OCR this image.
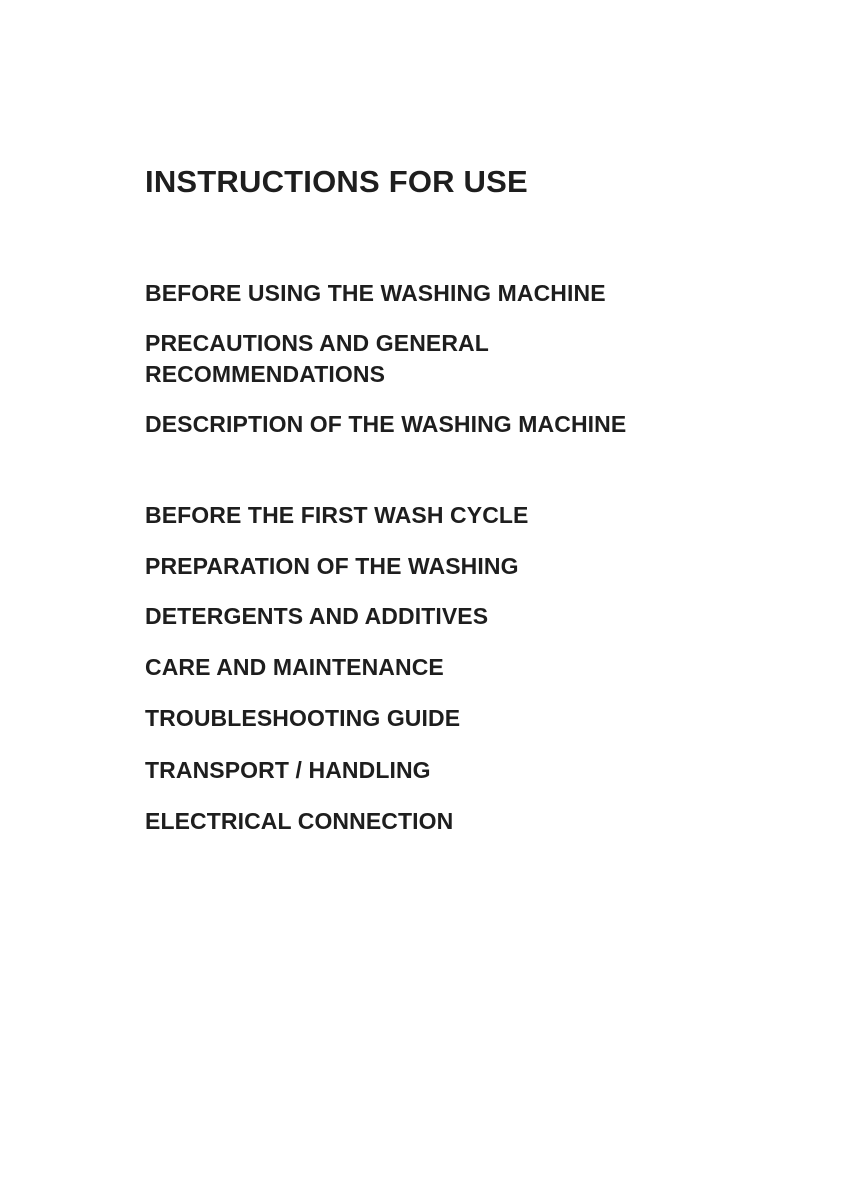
INSTRUCTIONS FOR USE
BEFORE USING THE WASHING MACHINE
PRECAUTIONS AND GENERAL
RECOMMENDATIONS
DESCRIPTION OF THE WASHING MACHINE
BEFORE THE FIRST WASH CYCLE
PREPARATION OF THE WASHING
DETERGENTS AND ADDITIVES
CARE AND MAINTENANCE
TROUBLESHOOTING GUIDE
TRANSPORT / HANDLING
ELECTRICAL CONNECTION
